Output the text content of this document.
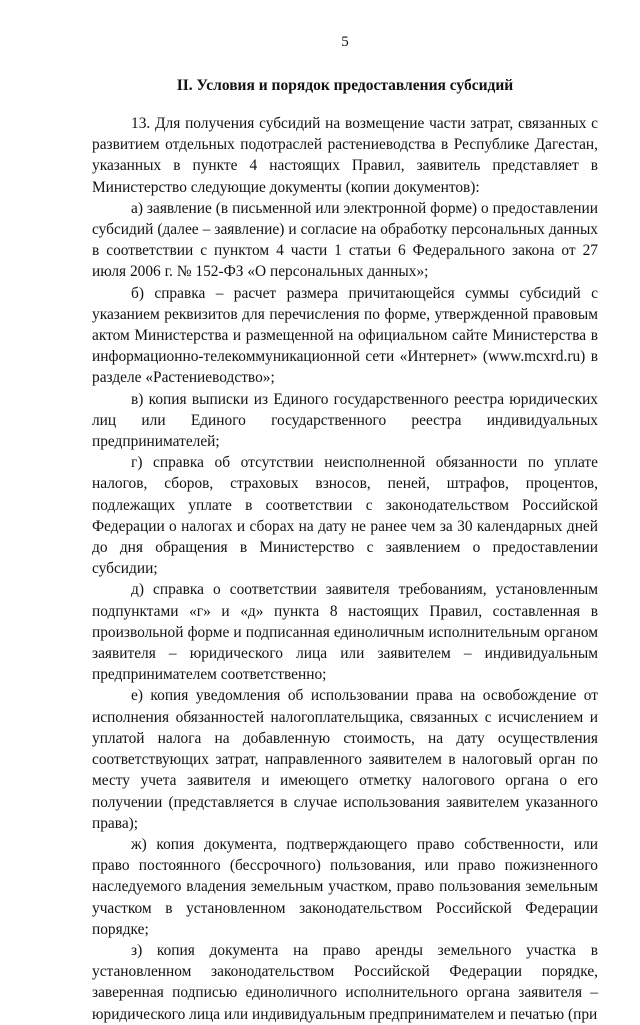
5
II. Условия и порядок предоставления субсидий

13. Для получения субсидий на возмещение части затрат, связанных с развитием отдельных подотраслей растениеводства в Республике Дагестан, указанных в пункте 4 настоящих Правил, заявитель представляет в Министерство следующие документы (копии документов):

а) заявление (в письменной или электронной форме) о предоставлении субсидий (далее – заявление) и согласие на обработку персональных данных в соответствии с пунктом 4 части 1 статьи 6 Федерального закона от 27 июля 2006 г. № 152-ФЗ «О персональных данных»;

б) справка – расчет размера причитающейся суммы субсидий с указанием реквизитов для перечисления по форме, утвержденной правовым актом Министерства и размещенной на официальном сайте Министерства в информационно-телекоммуникационной сети «Интернет» (www.mcxrd.ru) в разделе «Растениеводство»;

в) копия выписки из Единого государственного реестра юридических лиц или Единого государственного реестра индивидуальных предпринимателей;

г) справка об отсутствии неисполненной обязанности по уплате налогов, сборов, страховых взносов, пеней, штрафов, процентов, подлежащих уплате в соответствии с законодательством Российской Федерации о налогах и сборах на дату не ранее чем за 30 календарных дней до дня обращения в Министерство с заявлением о предоставлении субсидии;

д) справка о соответствии заявителя требованиям, установленным подпунктами «г» и «д» пункта 8 настоящих Правил, составленная в произвольной форме и подписанная единоличным исполнительным органом заявителя – юридического лица или заявителем – индивидуальным предпринимателем соответственно;

е) копия уведомления об использовании права на освобождение от исполнения обязанностей налогоплательщика, связанных с исчислением и уплатой налога на добавленную стоимость, на дату осуществления соответствующих затрат, направленного заявителем в налоговый орган по месту учета заявителя и имеющего отметку налогового органа о его получении (представляется в случае использования заявителем указанного права);

ж) копия документа, подтверждающего право собственности, или право постоянного (бессрочного) пользования, или право пожизненного наследуемого владения земельным участком, право пользования земельным участком в установленном законодательством Российской Федерации порядке;

з) копия документа на право аренды земельного участка в установленном законодательством Российской Федерации порядке, заверенная подписью единоличного исполнительного органа заявителя – юридического лица или индивидуальным предпринимателем и печатью (при
